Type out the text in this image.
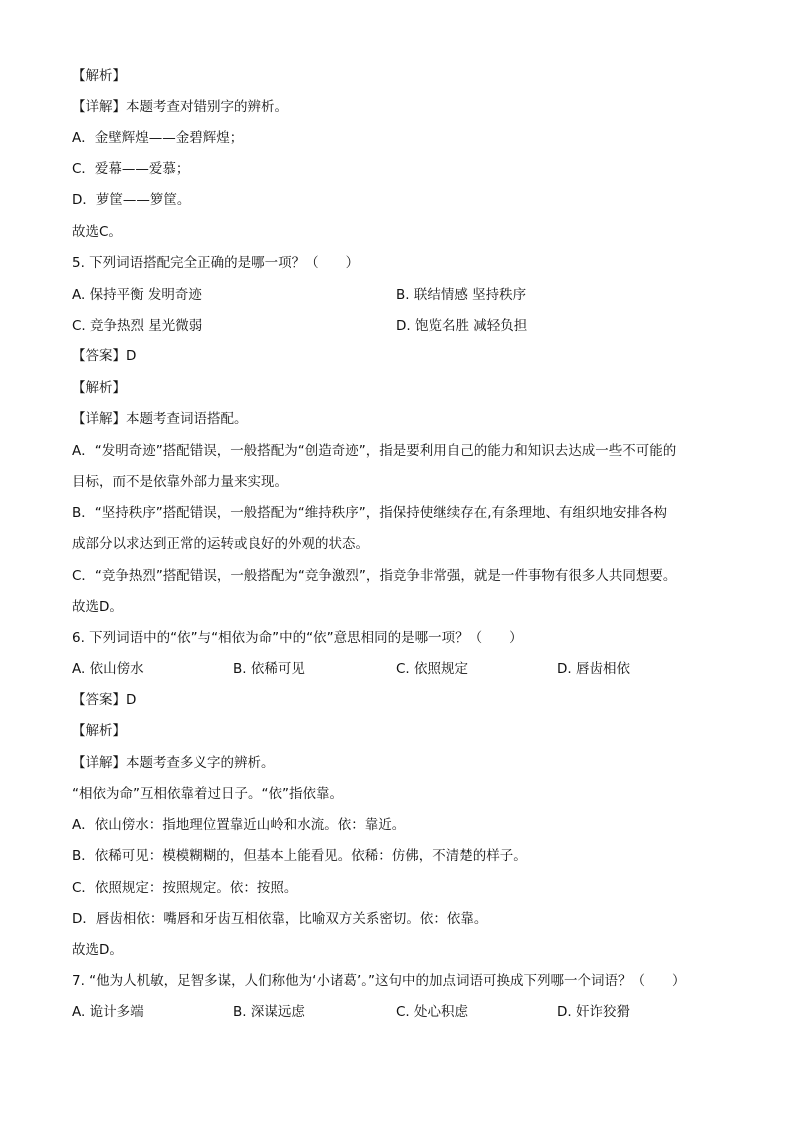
【解析】
【详解】本题考查对错别字的辨析。
A．金壁辉煌——金碧辉煌；
C．爱幕——爱慕；
D．萝筐——箩筐。
故选C。
5. 下列词语搭配完全正确的是哪一项？（　　）
A. 保持平衡 发明奇迹	B. 联结情感 坚持秩序
C. 竞争热烈 星光微弱	D. 饱览名胜 减轻负担
【答案】D
【解析】
【详解】本题考查词语搭配。
A．“发明奇迹”搭配错误，一般搭配为“创造奇迹”，指是要利用自己的能力和知识去达成一些不可能的
目标，而不是依靠外部力量来实现。
B．“坚持秩序”搭配错误，一般搭配为“维持秩序”，指保持使继续存在,有条理地、有组织地安排各构
成部分以求达到正常的运转或良好的外观的状态。
C．“竞争热烈”搭配错误，一般搭配为“竞争激烈”，指竞争非常强，就是一件事物有很多人共同想要。
故选D。
6. 下列词语中的“依”与“相依为命”中的“依”意思相同的是哪一项？（　　）
A. 依山傍水	B. 依稀可见	C. 依照规定	D. 唇齿相依
【答案】D
【解析】
【详解】本题考查多义字的辨析。
“相依为命”互相依靠着过日子。“依”指依靠。
A．依山傍水：指地理位置靠近山岭和水流。依：靠近。
B．依稀可见：模模糊糊的，但基本上能看见。依稀：仿佛，不清楚的样子。
C．依照规定：按照规定。依：按照。
D．唇齿相依：嘴唇和牙齿互相依靠，比喻双方关系密切。依：依靠。
故选D。
7. “他为人机敏，足智多谋，人们称他为‘小诸葛’。”这句中的加点词语可换成下列哪一个词语？（　　）
A. 诡计多端	B. 深谋远虑	C. 处心积虑	D. 奸诈狡猾
